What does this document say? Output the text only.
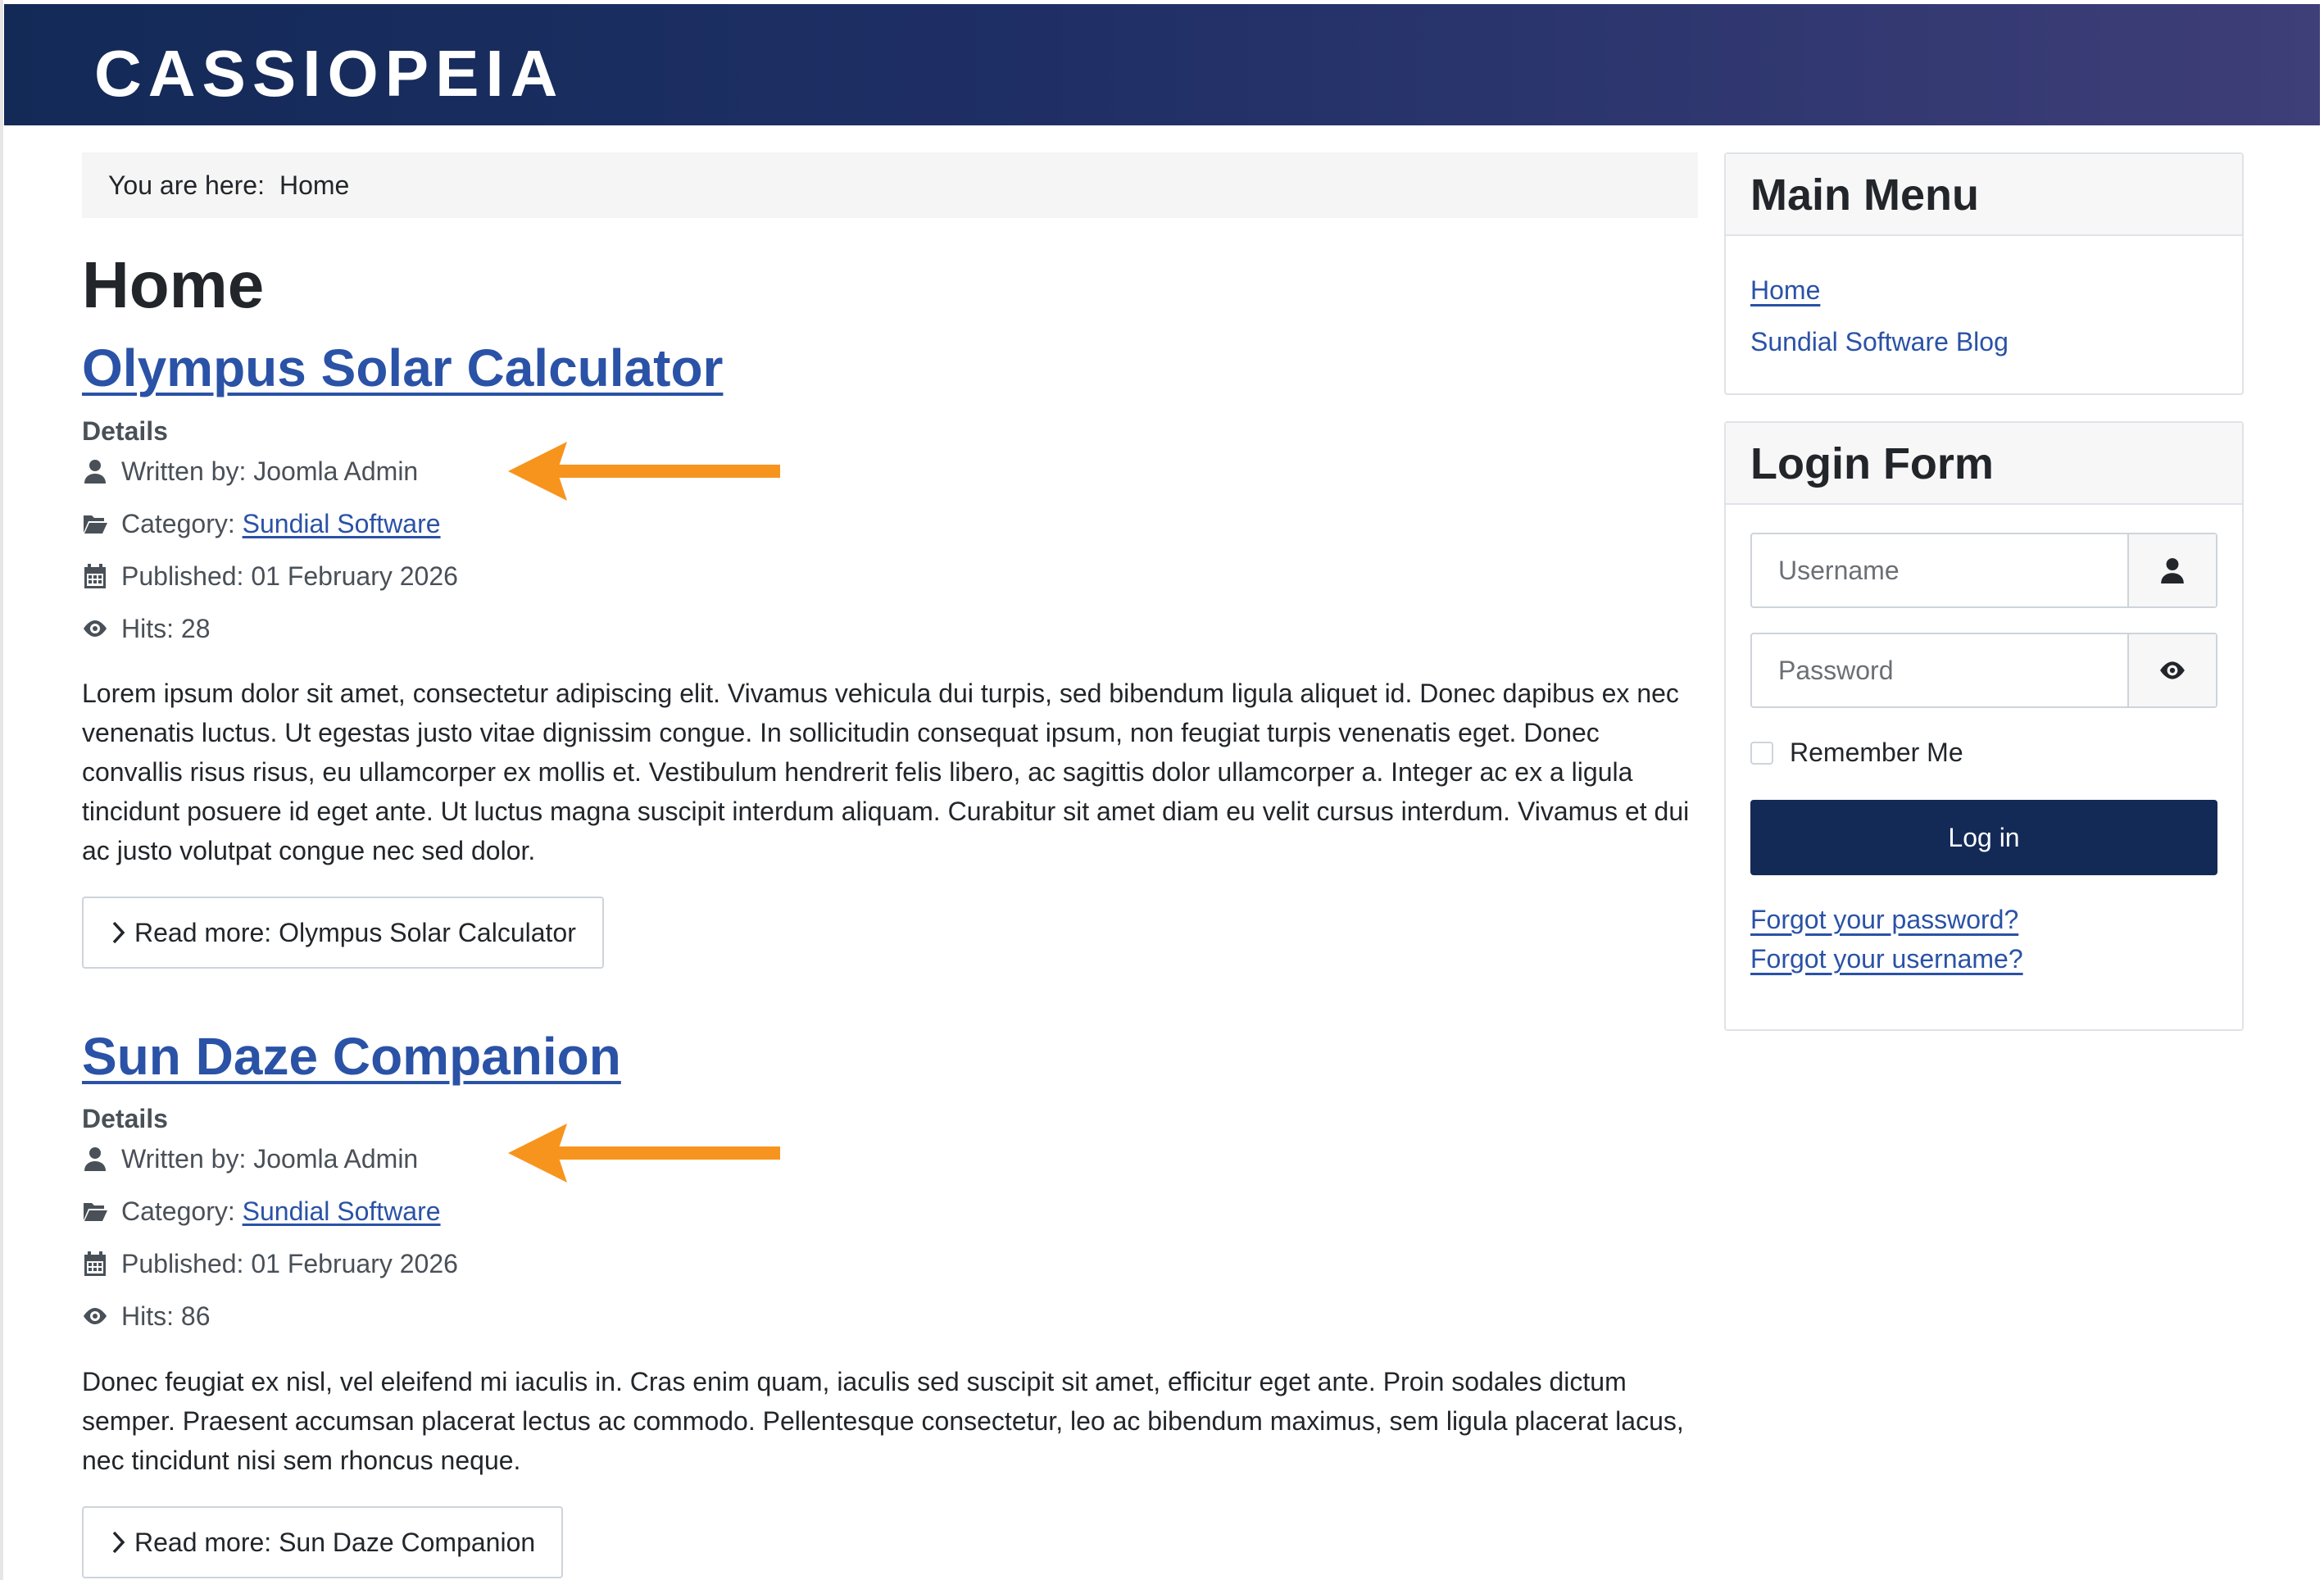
CASSIOPEIA
You are here: Home
Home
Olympus Solar Calculator
Details
Written by: Joomla Admin
Category:
Sundial Software
Published: 01 February 2026
Hits: 28

Lorem ipsum dolor sit amet, consectetur adipiscing elit. Vivamus vehicula dui turpis, sed bibendum ligula aliquet id. Donec dapibus ex nec venenatis luctus. Ut egestas justo vitae dignissim congue. In sollicitudin consequat ipsum, non feugiat turpis venenatis eget. Donec convallis risus risus, eu ullamcorper ex mollis et. Vestibulum hendrerit felis libero, ac sagittis dolor ullamcorper a. Integer ac ex a ligula tincidunt posuere id eget ante. Ut luctus magna suscipit interdum aliquam. Curabitur sit amet diam eu velit cursus interdum. Vivamus et dui ac justo volutpat congue nec sed dolor.

Read more: Olympus Solar Calculator
Sun Daze Companion
Details
Written by: Joomla Admin
Category:
Sundial Software
Published: 01 February 2026
Hits: 86

Donec feugiat ex nisl, vel eleifend mi iaculis in. Cras enim quam, iaculis sed suscipit sit amet, efficitur eget ante. Proin sodales dictum semper. Praesent accumsan placerat lectus ac commodo. Pellentesque consectetur, leo ac bibendum maximus, sem ligula placerat lacus, nec tincidunt nisi sem rhoncus neque.

Read more: Sun Daze Companion
Main Menu
Home
Sundial Software Blog
Login Form
Username
Remember Me
Log in
Forgot your password?
Forgot your username?
